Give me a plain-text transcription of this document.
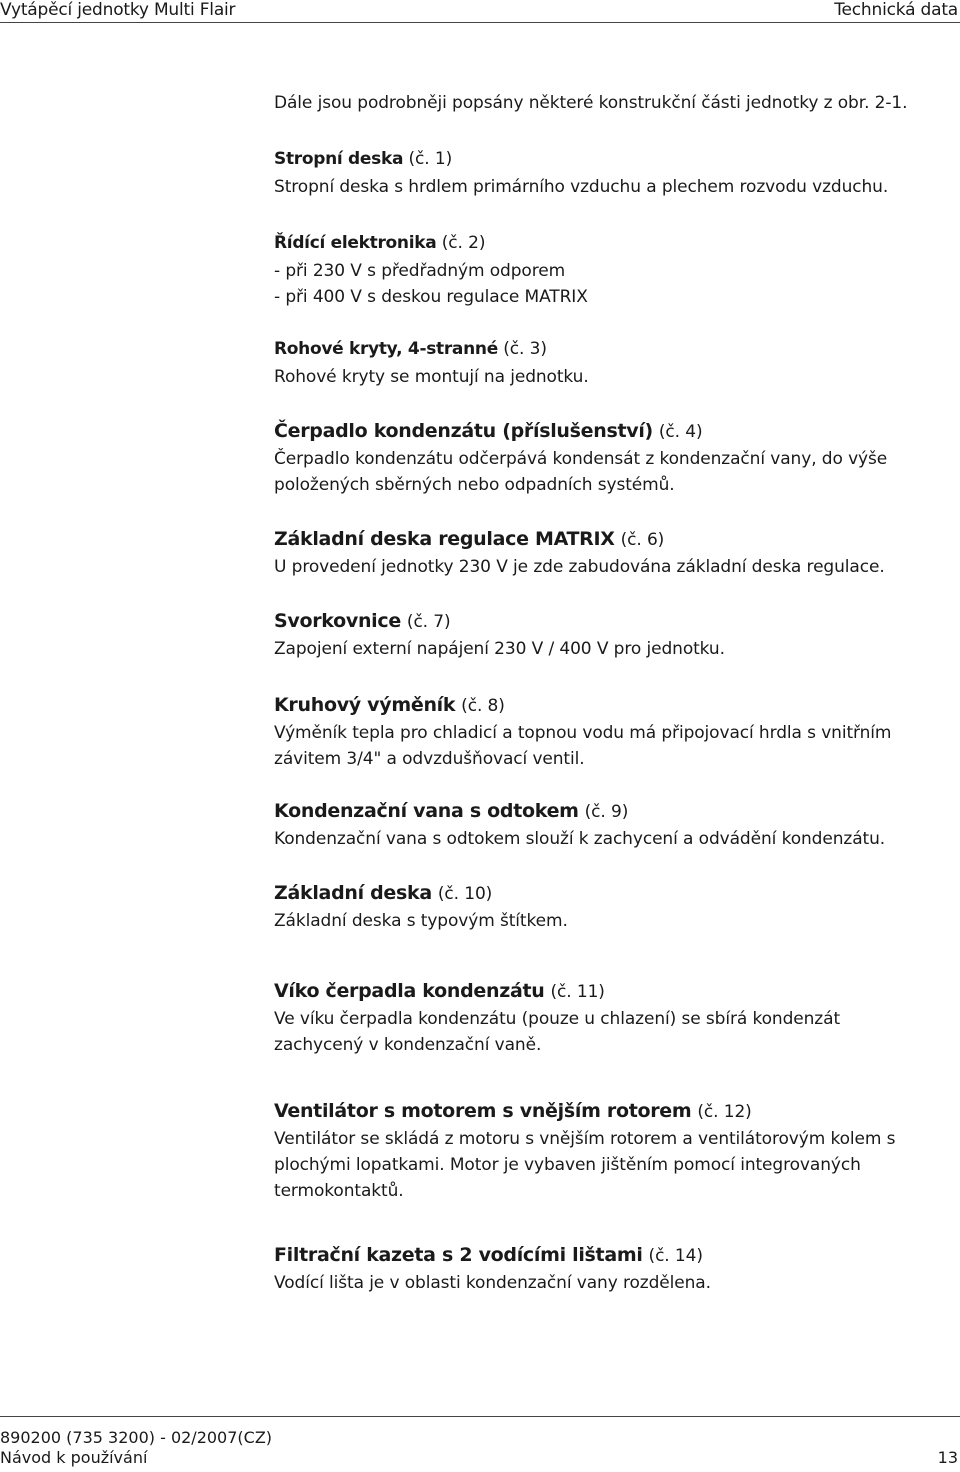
Vytápěcí jednotky Multi Flair	Technická data

Dále jsou podrobněji popsány některé konstrukční části jednotky z obr. 2-1.

Stropní deska (č. 1)

Stropní deska s hrdlem primárního vzduchu a plechem rozvodu vzduchu.

Řídící elektronika (č. 2)

- při 230 V s předřadným odporem

- při 400 V s deskou regulace MATRIX

Rohové kryty, 4-stranné (č. 3)

Rohové kryty se montují na jednotku.

Čerpadlo kondenzátu (příslušenství) (č. 4)

Čerpadlo kondenzátu odčerpává kondensát z kondenzační vany, do výše

položených sběrných nebo odpadních systémů.

Základní deska regulace MATRIX (č. 6)

U provedení jednotky 230 V je zde zabudována základní deska regulace.

Svorkovnice (č. 7)

Zapojení externí napájení 230 V / 400 V pro jednotku.

Kruhový výměník (č. 8)

Výměník tepla pro chladicí a topnou vodu má připojovací hrdla s vnitřním

závitem 3/4" a odvzdušňovací ventil.

Kondenzační vana s odtokem (č. 9)

Kondenzační vana s odtokem slouží k zachycení a odvádění kondenzátu.

Základní deska (č. 10)

Základní deska s typovým štítkem.

Víko čerpadla kondenzátu (č. 11)

Ve víku čerpadla kondenzátu (pouze u chlazení) se sbírá kondenzát

zachycený v kondenzační vaně.

Ventilátor s motorem s vnějším rotorem (č. 12)

Ventilátor se skládá z motoru s vnějším rotorem a ventilátorovým kolem s

plochými lopatkami. Motor je vybaven jištěním pomocí integrovaných

termokontaktů.

Filtrační kazeta s 2 vodícími lištami (č. 14)

Vodící lišta je v oblasti kondenzační vany rozdělena.

890200 (735 3200) - 02/2007(CZ)
Návod k používání	13
